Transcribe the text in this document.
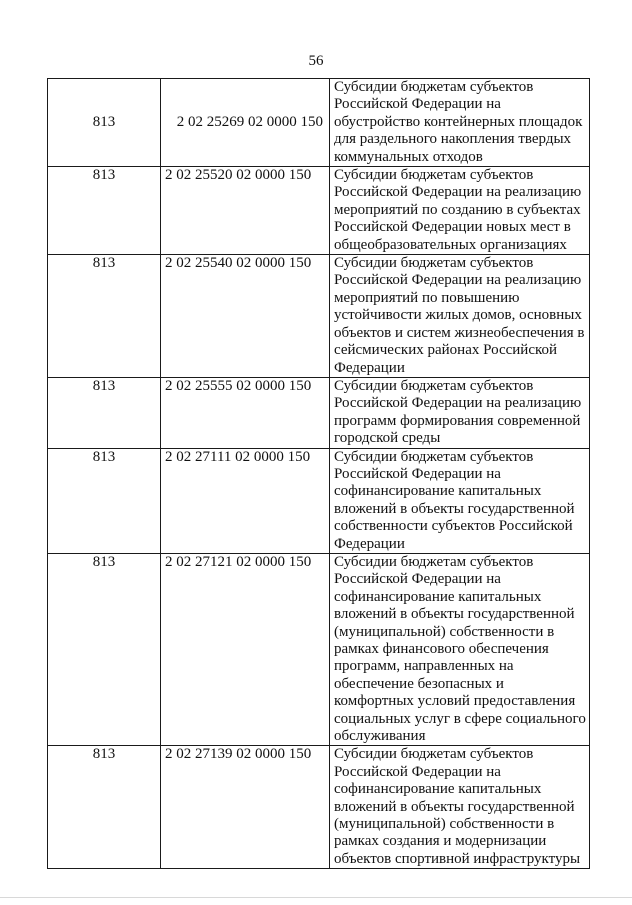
56
813	2 02 25269 02 0000 150	Субсидии бюджетам субъектов Российской Федерации на обустройство контейнерных площадок для раздельного накопления твердых коммунальных отходов
813	2 02 25520 02 0000 150	Субсидии бюджетам субъектов Российской Федерации на реализацию мероприятий по созданию в субъектах Российской Федерации новых мест в общеобразовательных организациях
813	2 02 25540 02 0000 150	Субсидии бюджетам субъектов Российской Федерации на реализацию мероприятий по повышению устойчивости жилых домов, основных объектов и систем жизнеобеспечения в сейсмических районах Российской Федерации
813	2 02 25555 02 0000 150	Субсидии бюджетам субъектов Российской Федерации на реализацию программ формирования современной городской среды
813	2 02 27111 02 0000 150	Субсидии бюджетам субъектов Российской Федерации на софинансирование капитальных вложений в объекты государственной собственности субъектов Российской Федерации
813	2 02 27121 02 0000 150	Субсидии бюджетам субъектов Российской Федерации на софинансирование капитальных вложений в объекты государственной (муниципальной) собственности в рамках финансового обеспечения программ, направленных на обеспечение безопасных и комфортных условий предоставления социальных услуг в сфере социального обслуживания
813	2 02 27139 02 0000 150	Субсидии бюджетам субъектов Российской Федерации на софинансирование капитальных вложений в объекты государственной (муниципальной) собственности в рамках создания и модернизации объектов спортивной инфраструктуры
